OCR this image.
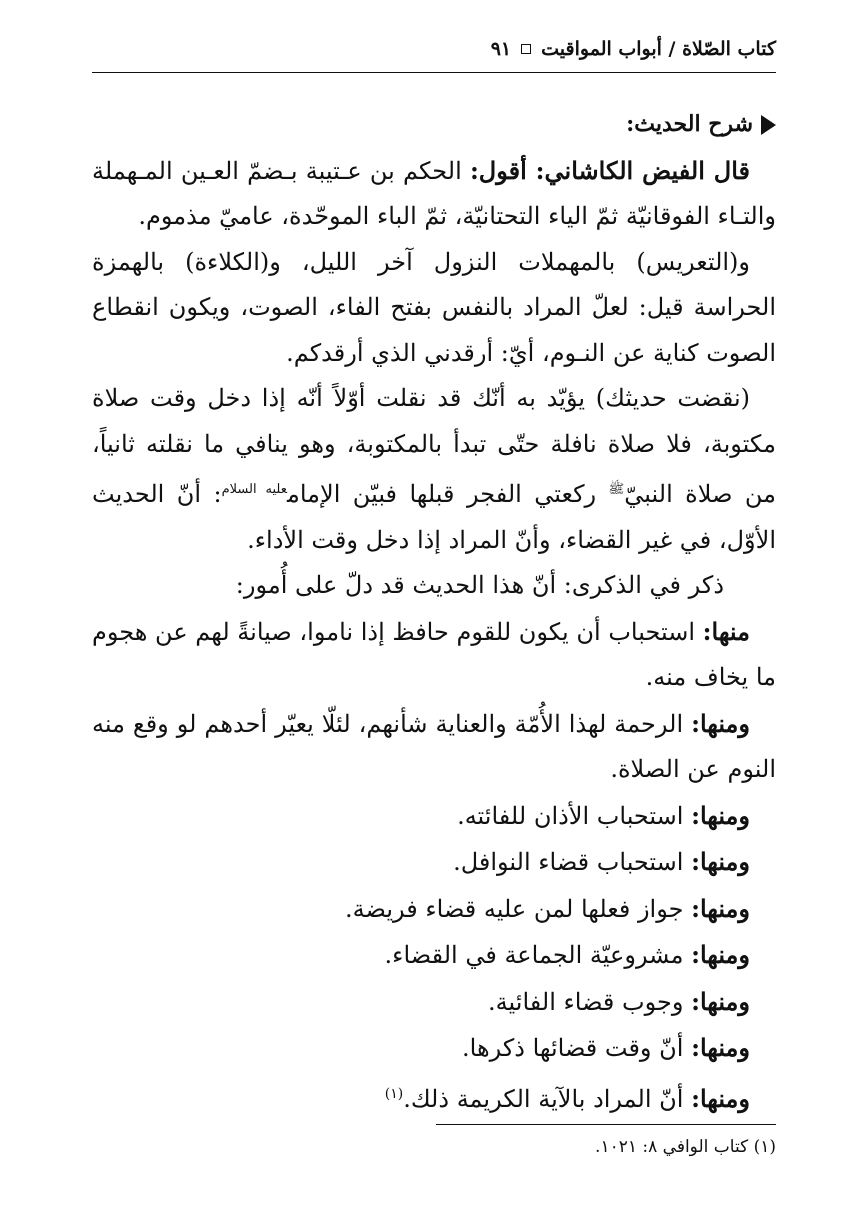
كتاب الصّلاة / أبواب المواقيت
٩١

شرح الحديث:

قال الفيض الكاشاني: أقول: الحكم بن عـتيبة بـضمّ العـين المـهملة والتـاء الفوقانيّة ثمّ الياء التحتانيّة، ثمّ الباء الموحّدة، عاميّ مذموم.

و(التعريس) بالمهملات النزول آخر الليل، و(الكلاءة) بالهمزة الحراسة قيل: لعلّ المراد بالنفس بفتح الفاء، الصوت، ويكون انقطاع الصوت كناية عن النـوم، أيّ: أرقدني الذي أرقدكم.

(نقضت حديثك) يؤيّد به أنّك قد نقلت أوّلاً أنّه إذا دخل وقت صلاة مكتوبة، فلا صلاة نافلة حتّى تبدأ بالمكتوبة، وهو ينافي ما نقلته ثانياً، من صلاة النبيّ$^ﷺ$ ركعتي الفجر قبلها فبيّن الإمام$^{عليه السلام}$: أنّ الحديث الأوّل، في غير القضاء، وأنّ المراد إذا دخل وقت الأداء.

ذكر في الذكرى: أنّ هذا الحديث قد دلّ على أُمور:

منها: استحباب أن يكون للقوم حافظ إذا ناموا، صيانةً لهم عن هجوم ما يخاف منه.

ومنها: الرحمة لهذا الأُمّة والعناية شأنهم، لئلّا يعيّر أحدهم لو وقع منه النوم عن الصلاة.

ومنها: استحباب الأذان للفائته.

ومنها: استحباب قضاء النوافل.

ومنها: جواز فعلها لمن عليه قضاء فريضة.

ومنها: مشروعيّة الجماعة في القضاء.

ومنها: وجوب قضاء الفائية.

ومنها: أنّ وقت قضائها ذكرها.

ومنها: أنّ المراد بالآية الكريمة ذلك.$^{(١)}$

(١) كتاب الوافي ٨: ١٠٢١.
